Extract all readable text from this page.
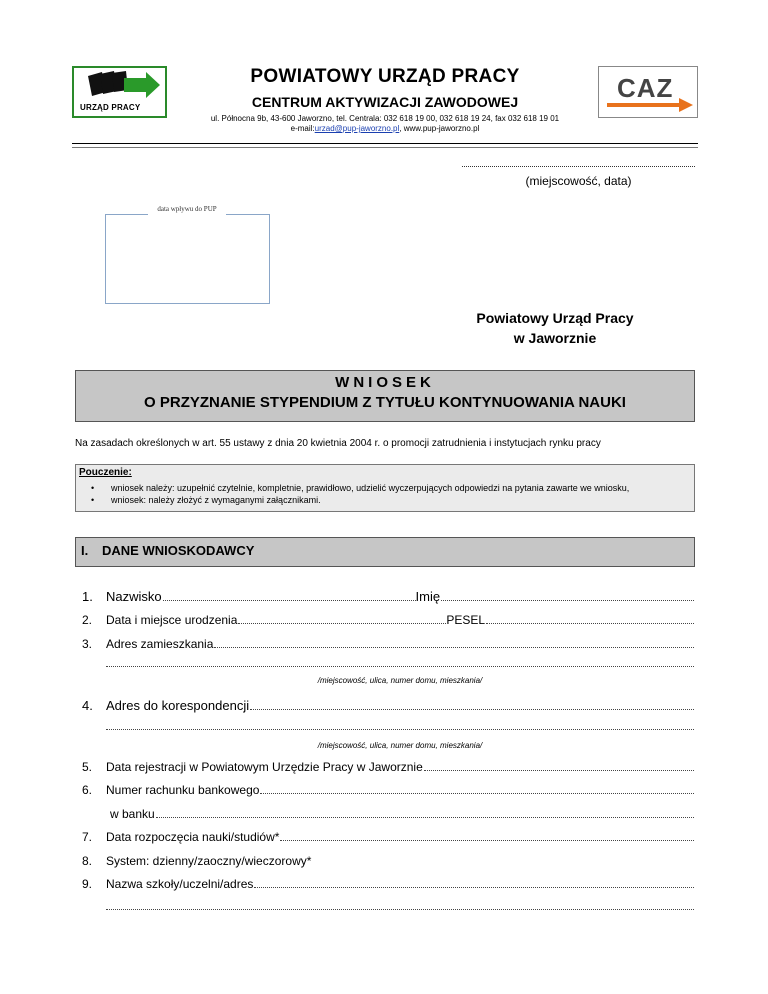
URZĄD PRACY
CAZ
POWIATOWY URZĄD PRACY
CENTRUM AKTYWIZACJI ZAWODOWEJ
ul. Północna 9b, 43-600 Jaworzno, tel. Centrala: 032 618 19 00, 032 618 19 24, fax 032 618 19 01
e-mail:urzad@pup-jaworzno.pl, www.pup-jaworzno.pl
(miejscowość, data)
data wpływu do PUP
Powiatowy Urząd Pracy
w Jaworznie
WNIOSEK
O PRZYZNANIE STYPENDIUM Z TYTUŁU KONTYNUOWANIA NAUKI
Na zasadach określonych w art. 55 ustawy z dnia 20 kwietnia 2004 r. o promocji zatrudnienia i instytucjach rynku pracy
Pouczenie:
• wniosek należy: uzupełnić czytelnie, kompletnie, prawidłowo, udzielić wyczerpujących odpowiedzi na pytania zawarte we wniosku,
• wniosek: należy złożyć z wymaganymi załącznikami.
I. DANE WNIOSKODAWCY
1.	Nazwisko	Imię
2.	Data i miejsce urodzenia	PESEL
3.	Adres zamieszkania
/miejscowość, ulica, numer domu, mieszkania/
4.	Adres do korespondencji
/miejscowość, ulica, numer domu, mieszkania/
5.	Data rejestracji w Powiatowym Urzędzie Pracy w Jaworznie
6.	Numer rachunku bankowego
w banku
7.	Data rozpoczęcia nauki/studiów*
8.	System: dzienny/zaoczny/wieczorowy*
9.	Nazwa szkoły/uczelni/adres
